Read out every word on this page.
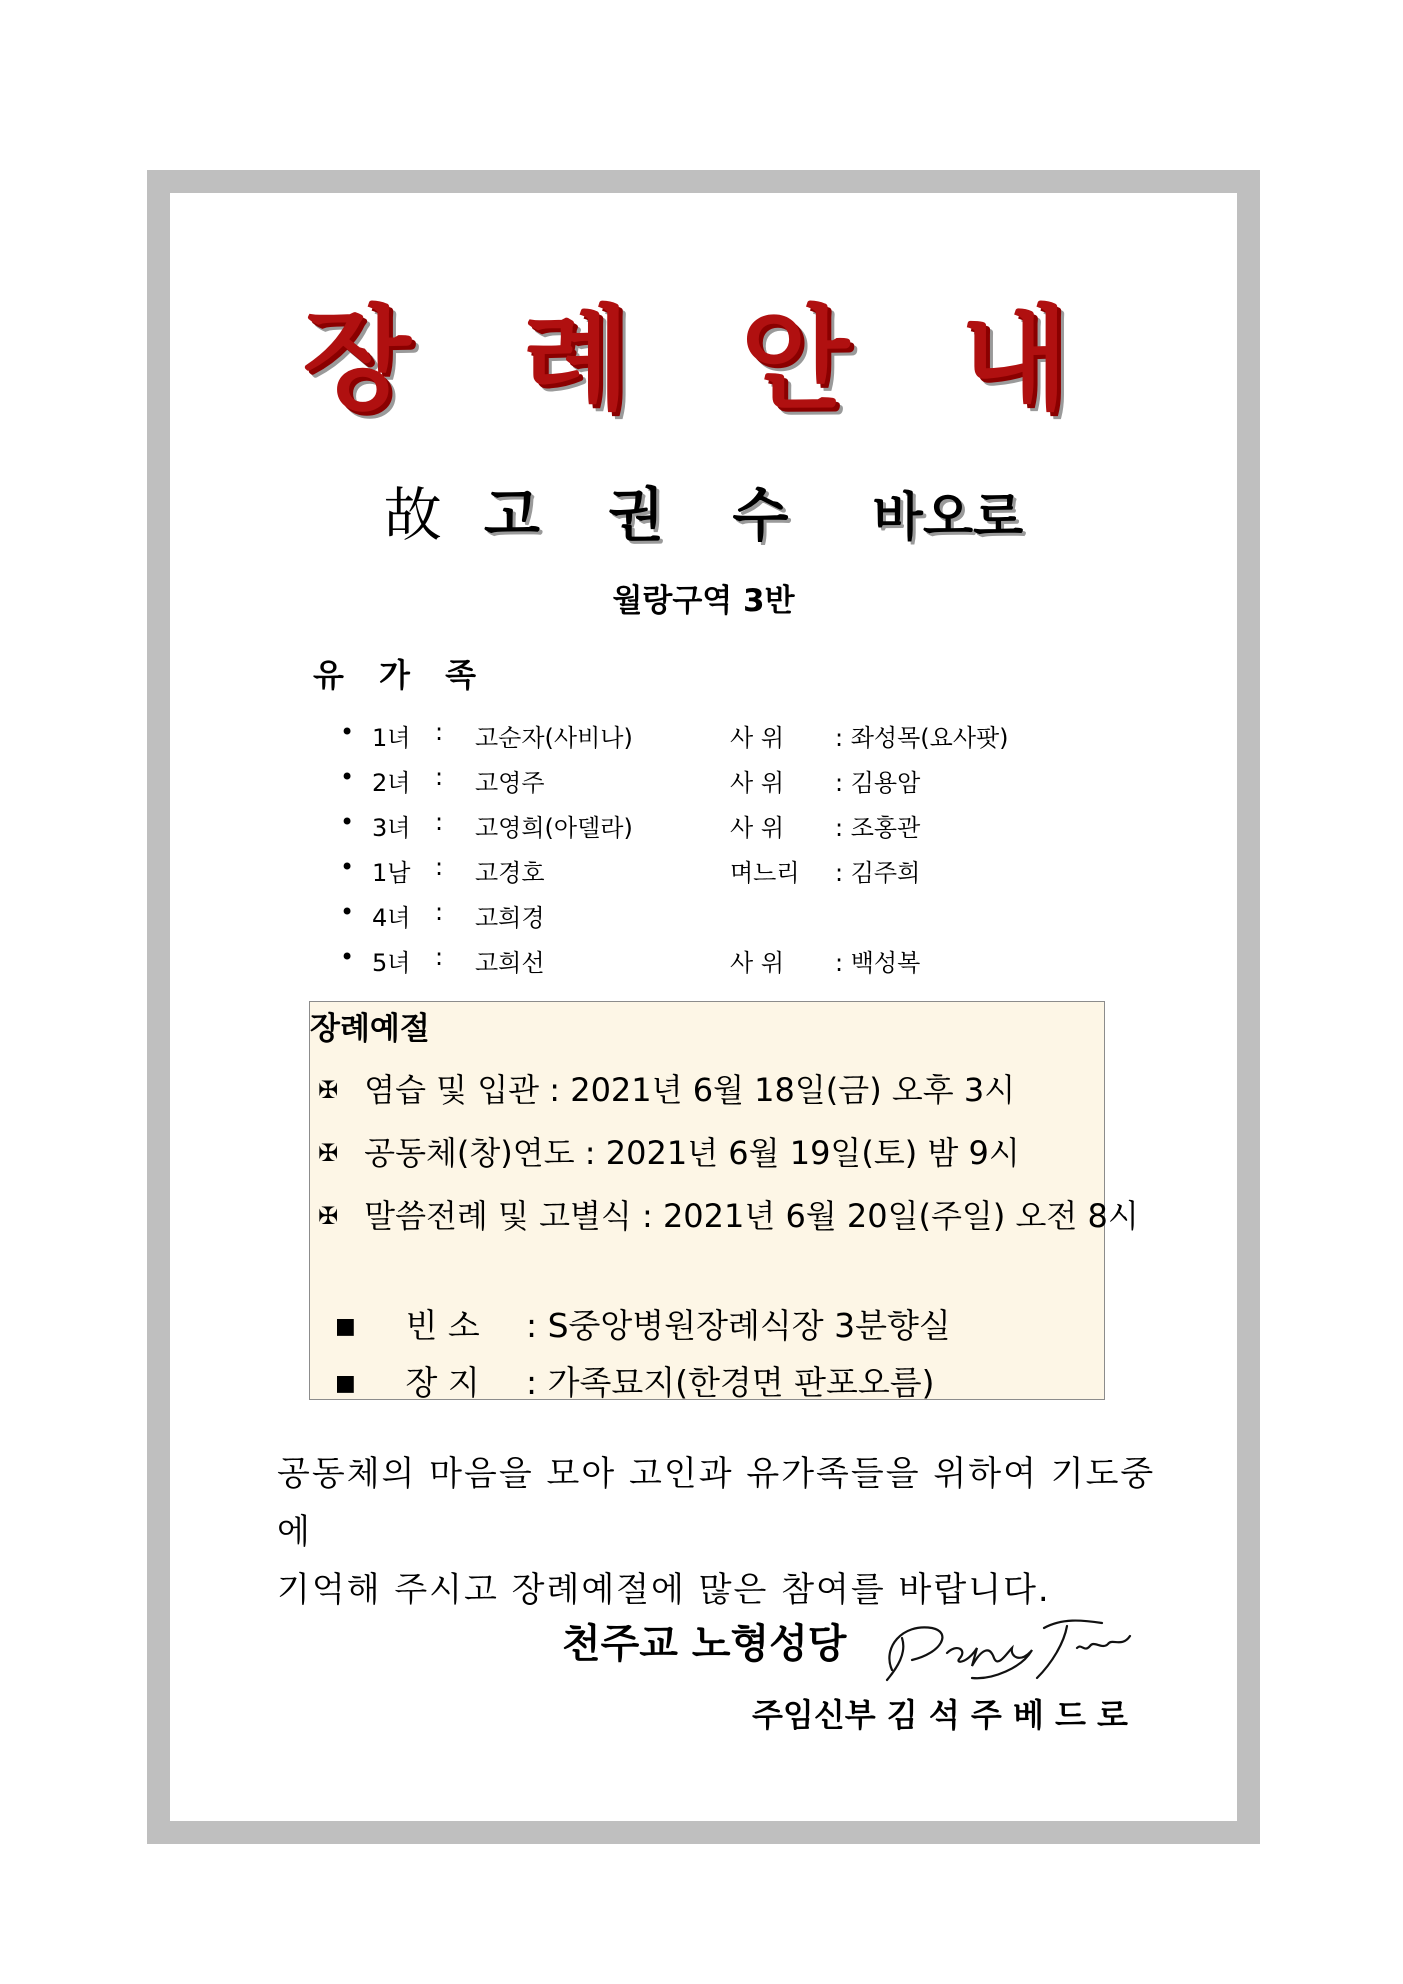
장 례 안 내
故 고 권 수 바오로
월랑구역 3반
유 가 족
• 1녀 : 고순자(사비나)	사 위 : 좌성목(요사팟)
• 2녀 : 고영주	사 위 : 김용암
• 3녀 : 고영희(아델라)	사 위 : 조홍관
• 1남 : 고경호	며느리 : 김주희
• 4녀 : 고희경
• 5녀 : 고희선	사 위 : 백성복
장례예절
✠ 염습 및 입관 : 2021년 6월 18일(금) 오후 3시
✠ 공동체(창)연도 : 2021년 6월 19일(토) 밤 9시
✠ 말씀전례 및 고별식 : 2021년 6월 20일(주일) 오전 8시
■ 빈 소 : S중앙병원장례식장 3분향실
■ 장 지 : 가족묘지(한경면 판포오름)
공동체의 마음을 모아 고인과 유가족들을 위하여 기도중에
기억해 주시고 장례예절에 많은 참여를 바랍니다.
천주교 노형성당
주임신부 김 석 주 베 드 로
